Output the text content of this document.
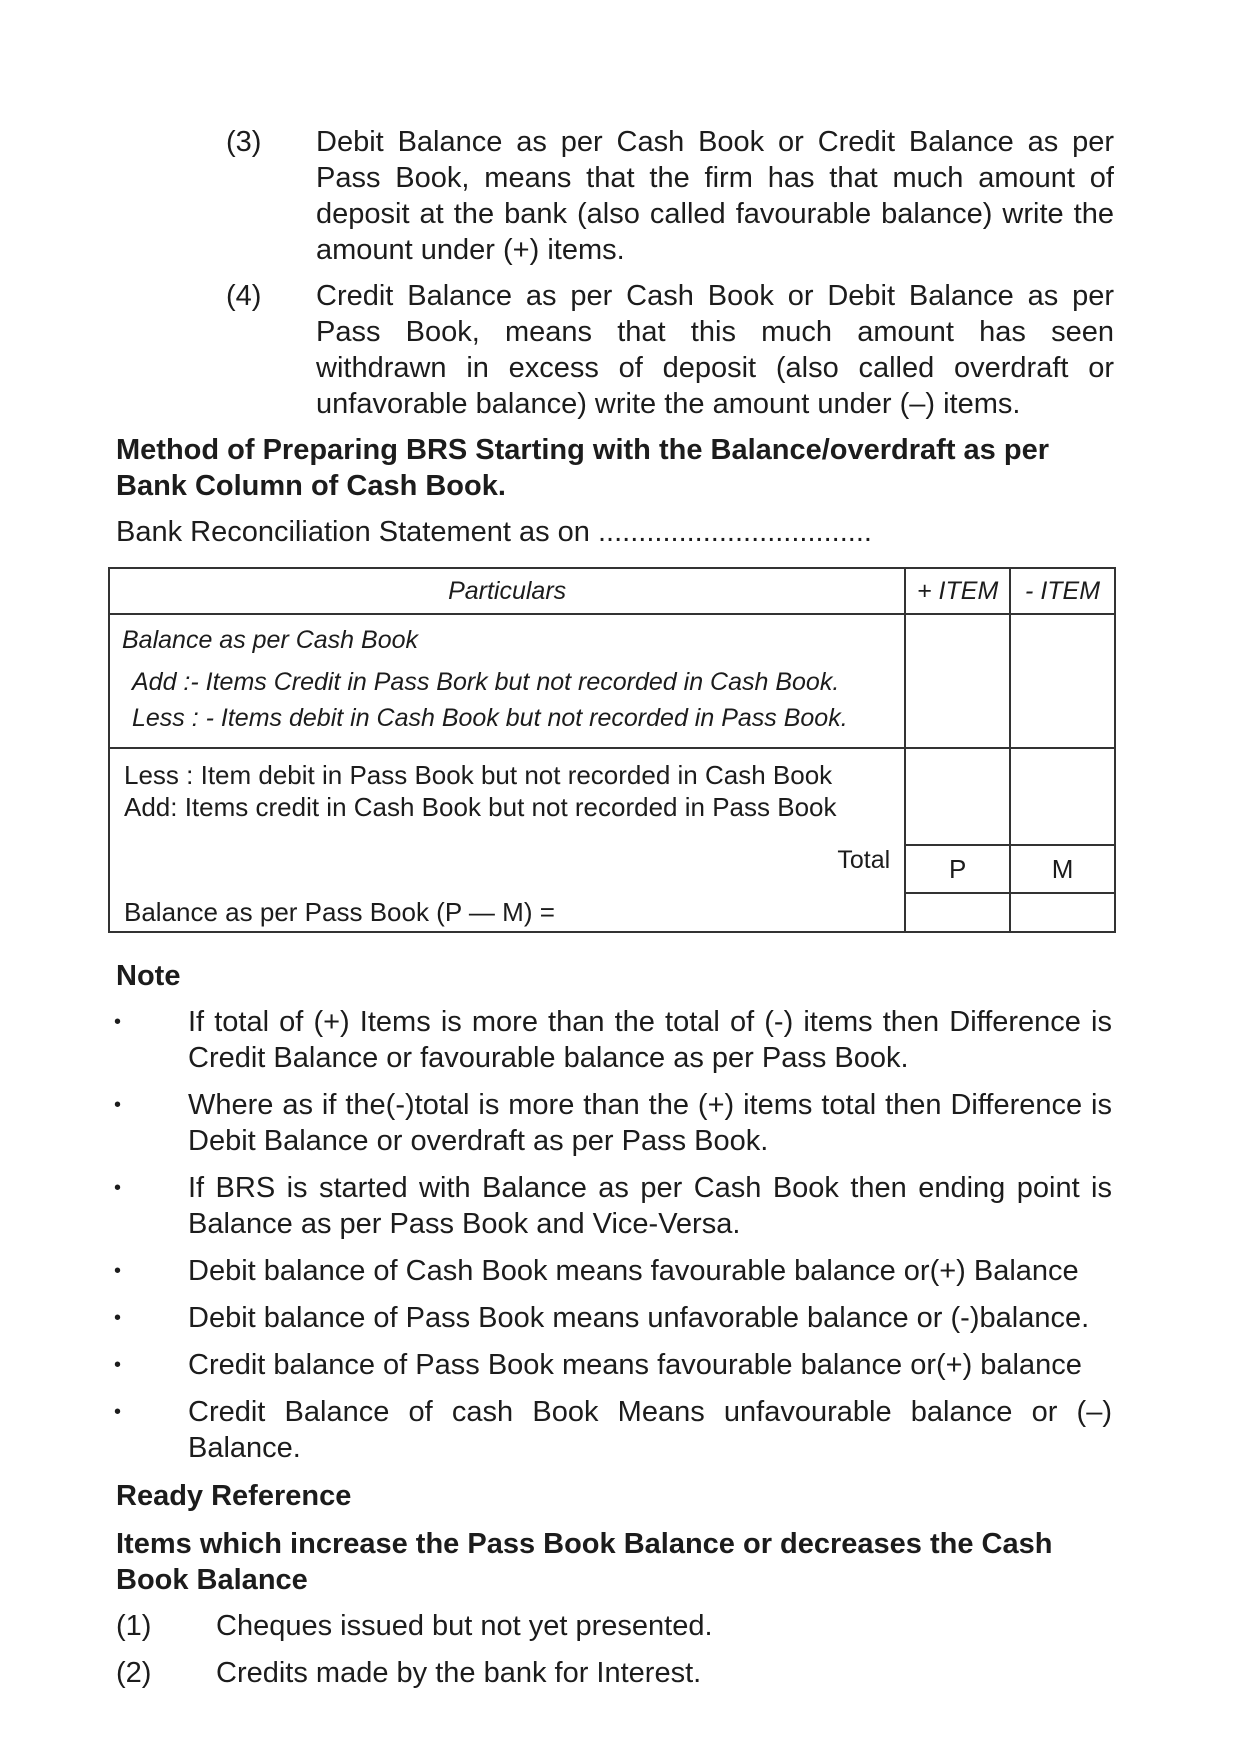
(3) Debit Balance as per Cash Book or Credit Balance as per Pass Book, means that the firm has that much amount of deposit at the bank (also called favourable balance) write the amount under (+) items.
(4) Credit Balance as per Cash Book or Debit Balance as per Pass Book, means that this much amount has seen withdrawn in excess of deposit (also called overdraft or unfavorable balance) write the amount under (–) items.
Method of Preparing BRS Starting with the Balance/overdraft as per Bank Column of Cash Book.
Bank Reconciliation Statement as on ..................................
Particulars	+ ITEM	- ITEM

Balance as per Cash Book
Add :- Items Credit in Pass Bork but not recorded in Cash Book.
Less : - Items debit in Cash Book but not recorded in Pass Book.		

Less : Item debit in Pass Book but not recorded in Cash Book
Add: Items credit in Cash Book but not recorded in Pass Book
Total	P	M

Balance as per Pass Book (P — M) =		

Note
• If total of (+) Items is more than the total of (-) items then Difference is Credit Balance or favourable balance as per Pass Book.
• Where as if the(-)total is more than the (+) items total then Difference is Debit Balance or overdraft as per Pass Book.
• If BRS is started with Balance as per Cash Book then ending point is Balance as per Pass Book and Vice-Versa.
• Debit balance of Cash Book means favourable balance or(+) Balance
• Debit balance of Pass Book means unfavorable balance or (-)balance.
• Credit balance of Pass Book means favourable balance or(+) balance
• Credit Balance of cash Book Means unfavourable balance or (–) Balance.
Ready Reference
Items which increase the Pass Book Balance or decreases the Cash Book Balance
(1) Cheques issued but not yet presented.
(2) Credits made by the bank for Interest.
